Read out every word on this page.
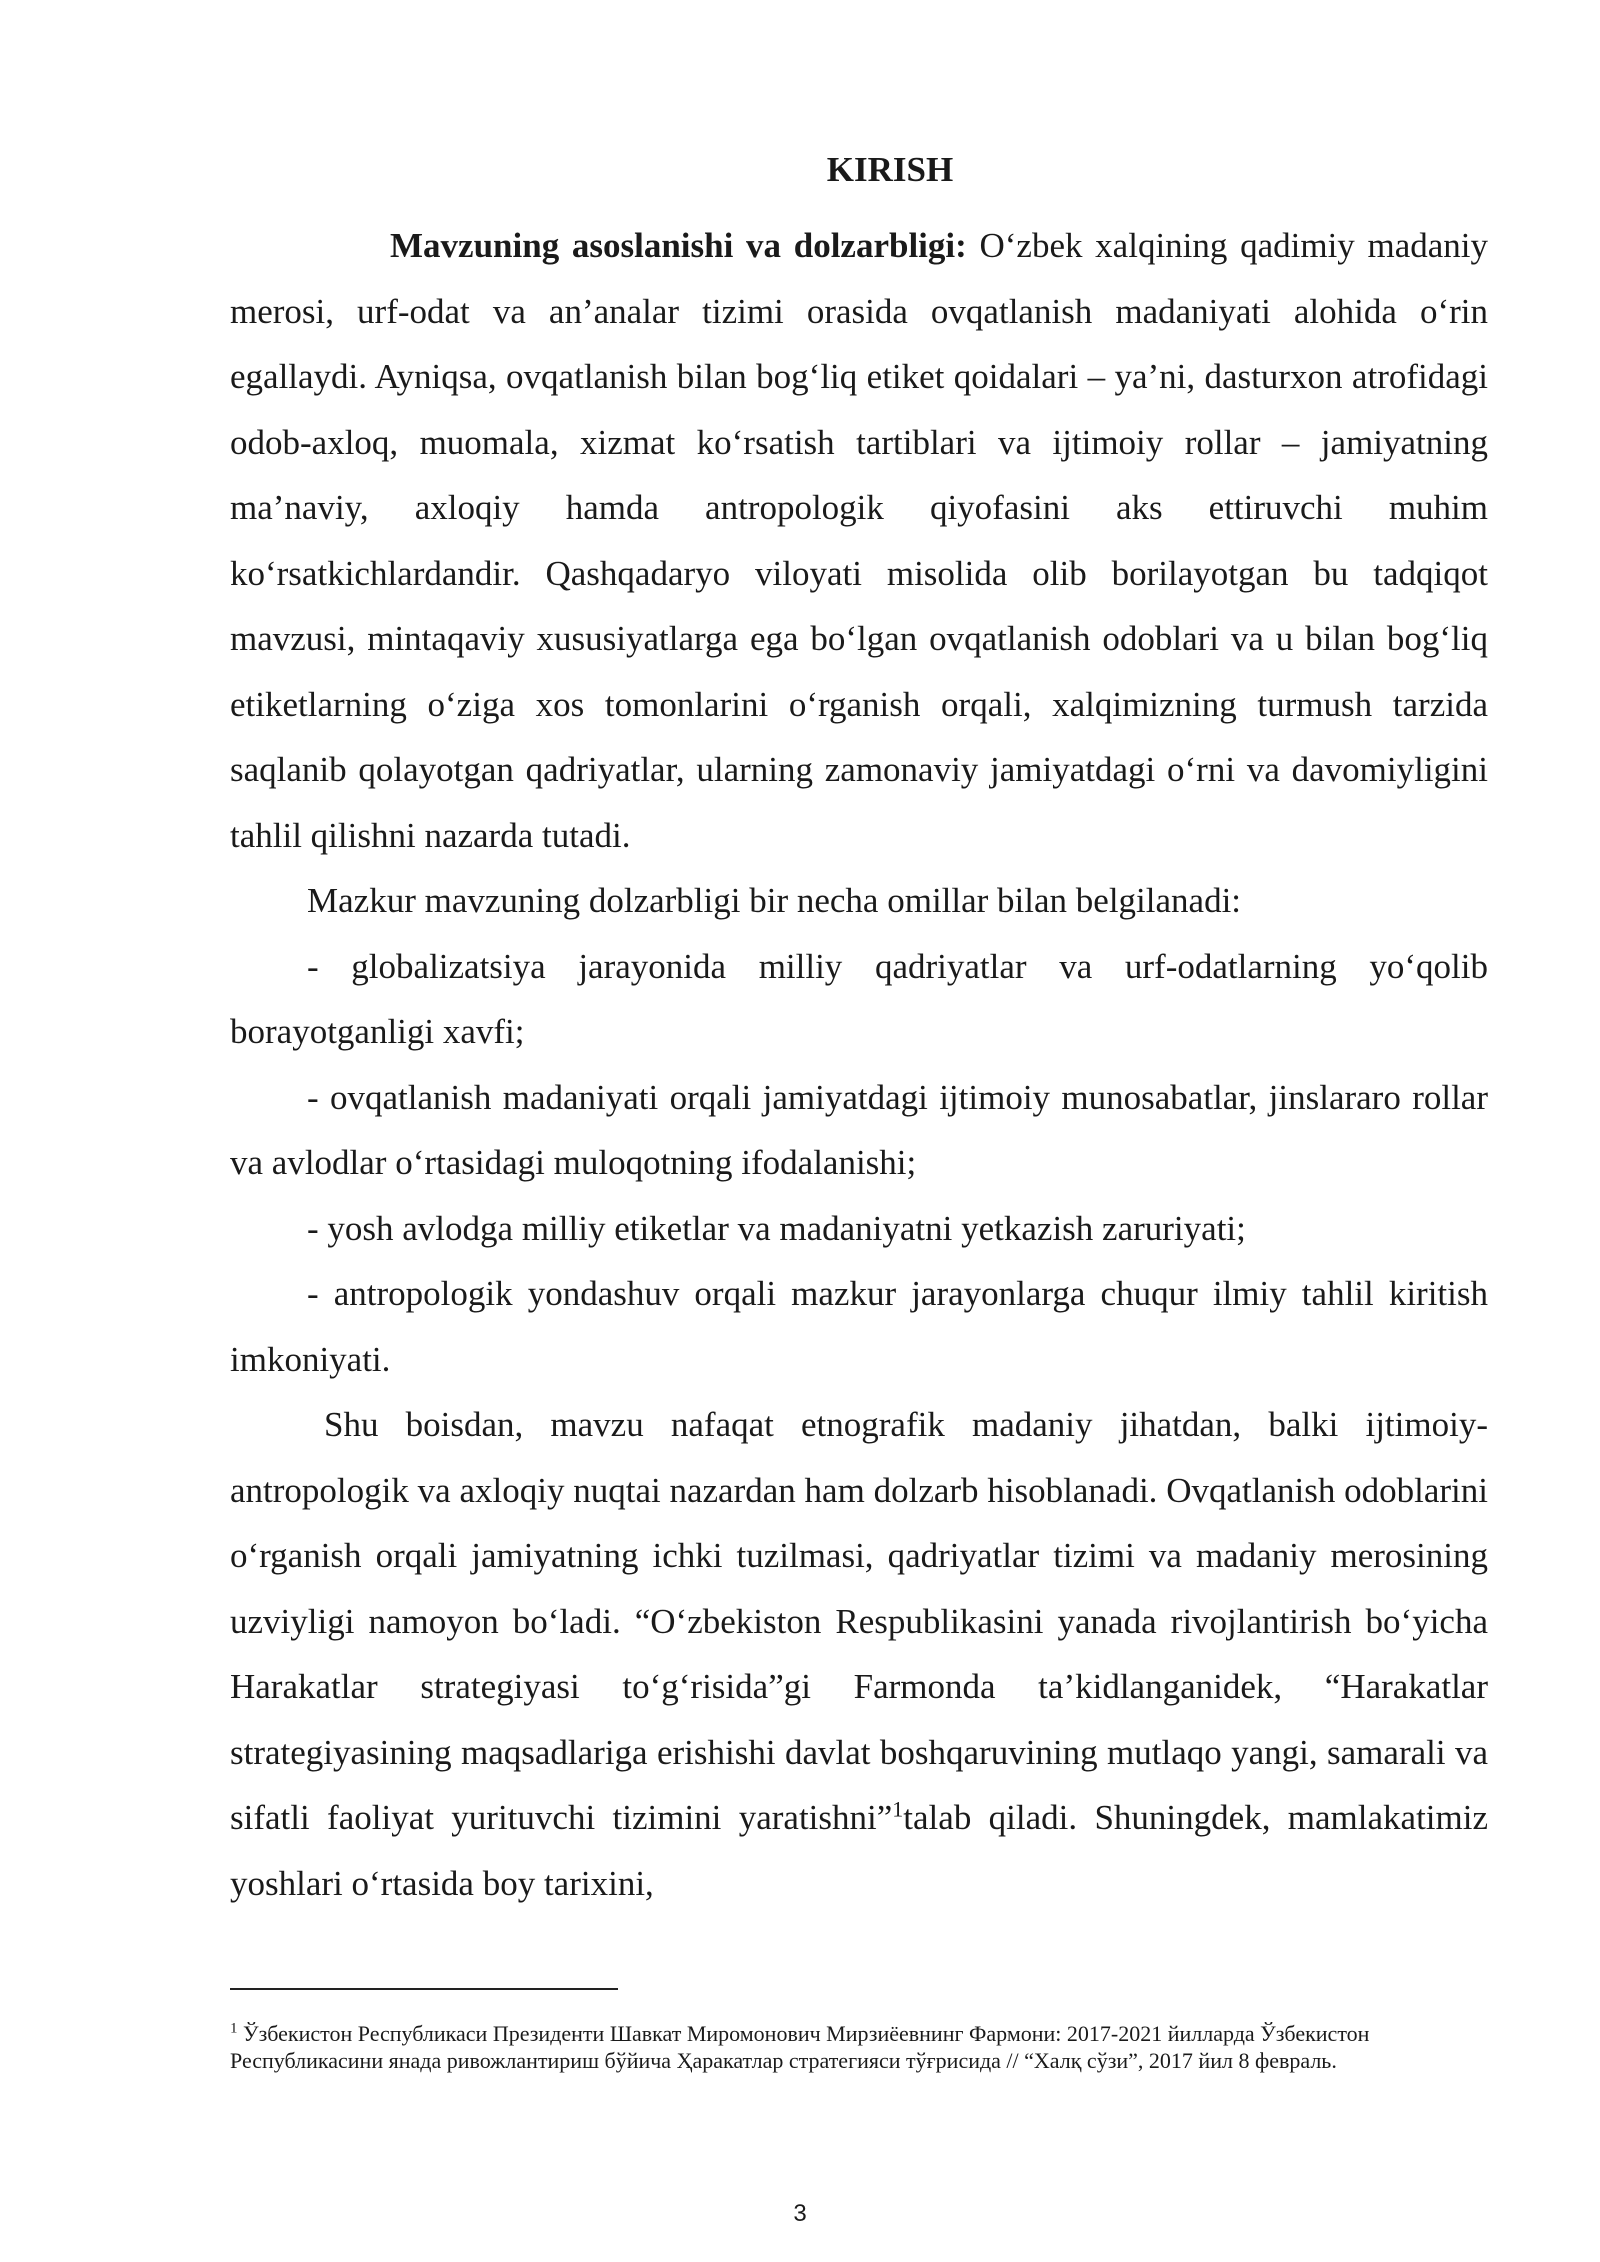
KIRISH

Mavzuning asoslanishi va dolzarbligi: O‘zbek xalqining qadimiy madaniy merosi, urf-odat va an’analar tizimi orasida ovqatlanish madaniyati alohida o‘rin egallaydi. Ayniqsa, ovqatlanish bilan bog‘liq etiket qoidalari – ya’ni, dasturxon atrofidagi odob-axloq, muomala, xizmat ko‘rsatish tartiblari va ijtimoiy rollar – jamiyatning ma’naviy, axloqiy hamda antropologik qiyofasini aks ettiruvchi muhim ko‘rsatkichlardandir. Qashqadaryo viloyati misolida olib borilayotgan bu tadqiqot mavzusi, mintaqaviy xususiyatlarga ega bo‘lgan ovqatlanish odoblari va u bilan bog‘liq etiketlarning o‘ziga xos tomonlarini o‘rganish orqali, xalqimizning turmush tarzida saqlanib qolayotgan qadriyatlar, ularning zamonaviy jamiyatdagi o‘rni va davomiyligini tahlil qilishni nazarda tutadi.

Mazkur mavzuning dolzarbligi bir necha omillar bilan belgilanadi:

- globalizatsiya jarayonida milliy qadriyatlar va urf-odatlarning yo‘qolib borayotganligi xavfi;

- ovqatlanish madaniyati orqali jamiyatdagi ijtimoiy munosabatlar, jinslararo rollar va avlodlar o‘rtasidagi muloqotning ifodalanishi;

- yosh avlodga milliy etiketlar va madaniyatni yetkazish zaruriyati;

- antropologik yondashuv orqali mazkur jarayonlarga chuqur ilmiy tahlil kiritish imkoniyati.

Shu boisdan, mavzu nafaqat etnografik madaniy jihatdan, balki ijtimoiy-antropologik va axloqiy nuqtai nazardan ham dolzarb hisoblanadi. Ovqatlanish odoblarini o‘rganish orqali jamiyatning ichki tuzilmasi, qadriyatlar tizimi va madaniy merosining uzviyligi namoyon bo‘ladi. “O‘zbekiston Respublikasini yanada rivojlantirish bo‘yicha Harakatlar strategiyasi to‘g‘risida”gi Farmonda ta’kidlanganidek, “Harakatlar strategiyasining maqsadlariga erishishi davlat boshqaruvining mutlaqo yangi, samarali va sifatli faoliyat yurituvchi tizimini yaratishni”$^1$talab qiladi. Shuningdek, mamlakatimiz yoshlari o‘rtasida boy tarixini,

$^1$ Ўзбекистон Республикаси Президенти Шавкат Миромонович Мирзиёевнинг Фармони: 2017-2021 йилларда Ўзбекистон Республикасини янада ривожлантириш бўйича Ҳаракатлар стратегияси тўғрисида // “Халқ сўзи”, 2017 йил 8 февраль.

3
